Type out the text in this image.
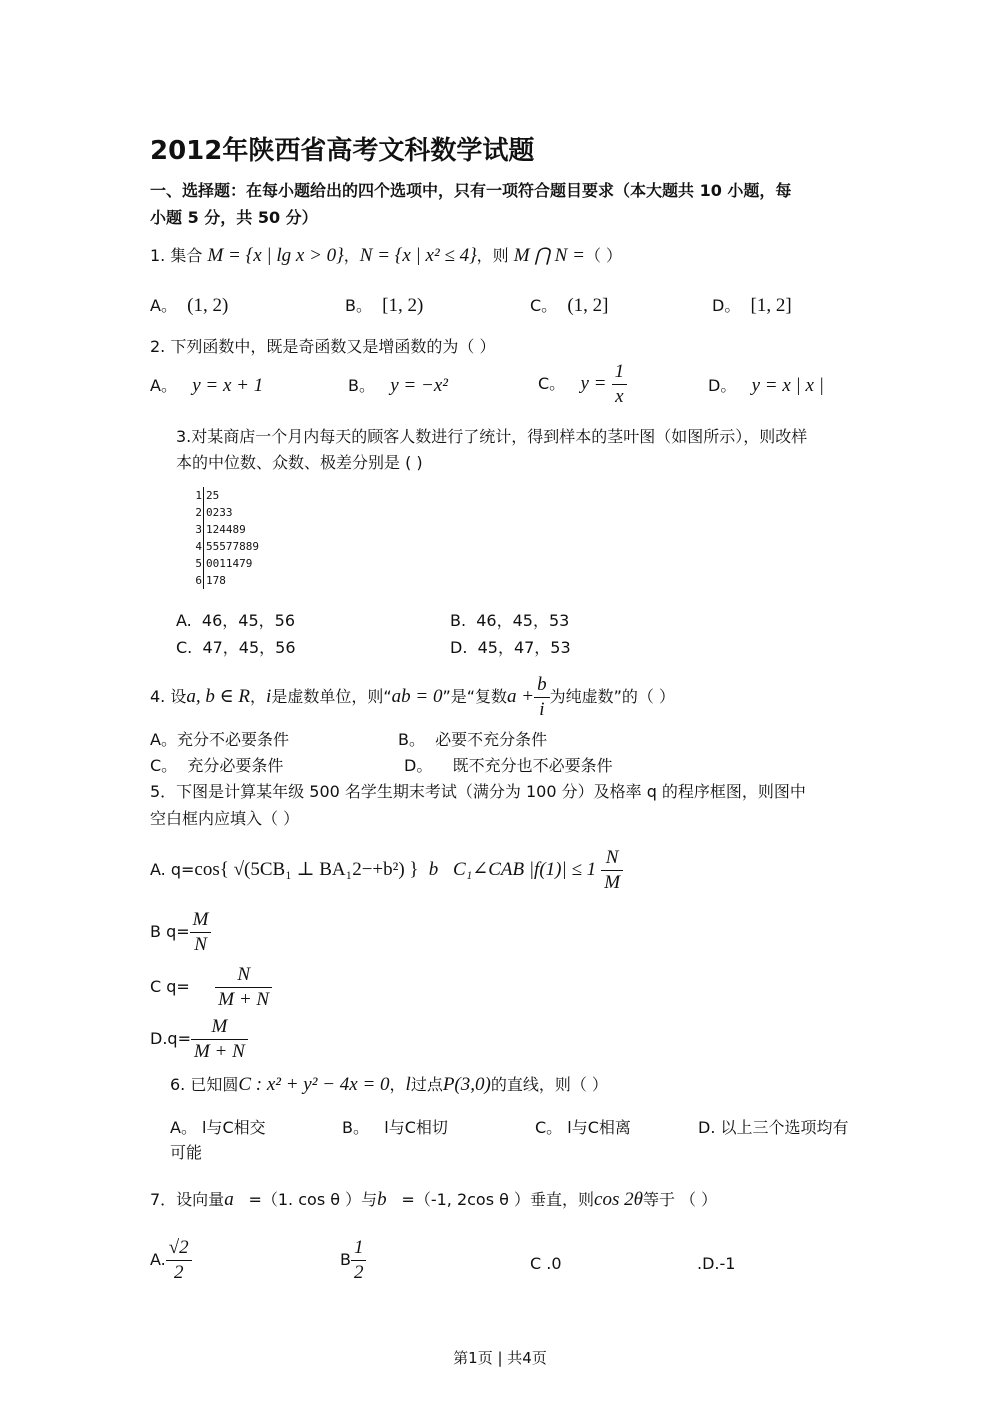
2012年陕西省高考文科数学试题
一、选择题：在每小题给出的四个选项中，只有一项符合题目要求（本大题共 10 小题，每
小题 5 分，共 50 分）
1. 集合 M = {x | lg x > 0}，N = {x | x² ≤ 4}，则 M ⋂ N =（ ）
A。 (1, 2)	B。 [1, 2)	C。 (1, 2]	D。 [1, 2]
2. 下列函数中，既是奇函数又是增函数的为（ ）
A。 y = x + 1	B。 y = −x²	C。 $y = \frac{1}{x}$	D。 y = x | x |
3.对某商店一个月内每天的顾客人数进行了统计，得到样本的茎叶图（如图所示），则改样
本的中位数、众数、极差分别是 ( )
1 25
2 0233
3 124489
4 55577889
5 0011479
6 178
A. 46，45，56	B. 46，45，53
C. 47，45，56	D. 45，47，53
4. 设a, b ∈ R，i是虚数单位，则“ab = 0”是“复数$a + \frac{b}{i}$ 为纯虚数”的（ ）
A。充分不必要条件	B。 必要不充分条件
C。 充分必要条件	D。 既不充分也不必要条件
5．下图是计算某年级 500 名学生期末考试（满分为 100 分）及格率 q 的程序框图，则图中
空白框内应填入（ ）
A. q=cos{ √(5CB₁ ⊥ BA₁2−+b²) } b⃗C₁∠CAB $|f(1)| \le 1 \frac{N}{M}$
B $q= \frac{M}{N}$
C $q= \frac{N}{M + N}$
$D.q= \frac{M}{M + N}$
6. 已知圆C : x² + y² − 4x = 0，l过点P(3,0)的直线，则（ ）
A。 l与C相交	B。 l与C相切	C。 l与C相离	D. 以上三个选项均有
可能
7．设向量a⃗=（1. cos θ ）与b⃗=（-1, 2cos θ ）垂直，则cos 2θ等于 （ ）
A. $\frac{√2}{2}$	B $\frac{1}{2}$	C .0	.D.-1
第1页 | 共4页
